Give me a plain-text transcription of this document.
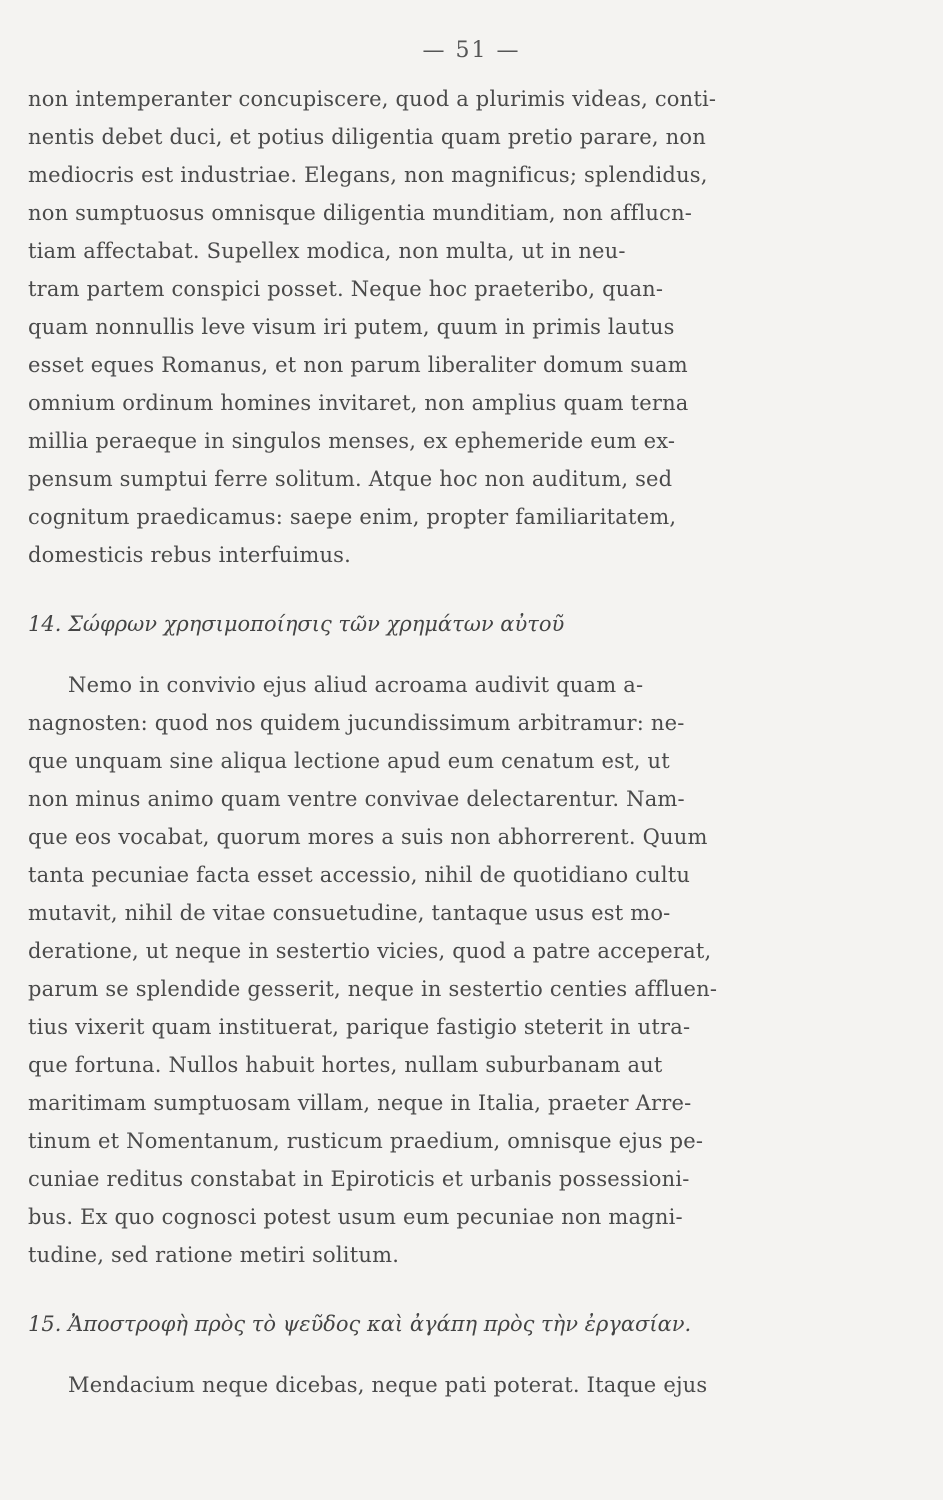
— 51 —
non intemperanter concupiscere, quod a plurimis videas, conti-
nentis debet duci, et potius diligentia quam pretio parare, non
mediocris est industriae. Elegans, non magnificus; splendidus,
non sumptuosus omnisque diligentia munditiam, non afflucn-
tiam affectabat. Supellex modica, non multa, ut in neu-
tram partem conspici posset. Neque hoc praeteribo, quan-
quam nonnullis leve visum iri putem, quum in primis lautus
esset eques Romanus, et non parum liberaliter domum suam
omnium ordinum homines invitaret, non amplius quam terna
millia peraeque in singulos menses, ex ephemeride eum ex-
pensum sumptui ferre solitum. Atque hoc non auditum, sed
cognitum praedicamus: saepe enim, propter familiaritatem,
domesticis rebus interfuimus.
14. Σώφρων χρησιμοποίησις τῶν χρημάτων αὐτοῦ
Nemo in convivio ejus aliud acroama audivit quam a-
nagnosten: quod nos quidem jucundissimum arbitramur: ne-
que unquam sine aliqua lectione apud eum cenatum est, ut
non minus animo quam ventre convivae delectarentur. Nam-
que eos vocabat, quorum mores a suis non abhorrerent. Quum
tanta pecuniae facta esset accessio, nihil de quotidiano cultu
mutavit, nihil de vitae consuetudine, tantaque usus est mo-
deratione, ut neque in sestertio vicies, quod a patre acceperat,
parum se splendide gesserit, neque in sestertio centies affluen-
tius vixerit quam instituerat, parique fastigio steterit in utra-
que fortuna. Nullos habuit hortes, nullam suburbanam aut
maritimam sumptuosam villam, neque in Italia, praeter Arre-
tinum et Nomentanum, rusticum praedium, omnisque ejus pe-
cuniae reditus constabat in Epiroticis et urbanis possessioni-
bus. Ex quo cognosci potest usum eum pecuniae non magni-
tudine, sed ratione metiri solitum.
15. Ἀποστροφὴ πρὸς τὸ ψεῦδος καὶ ἀγάπη πρὸς τὴν ἐργασίαν.
Mendacium neque dicebas, neque pati poterat. Itaque ejus
